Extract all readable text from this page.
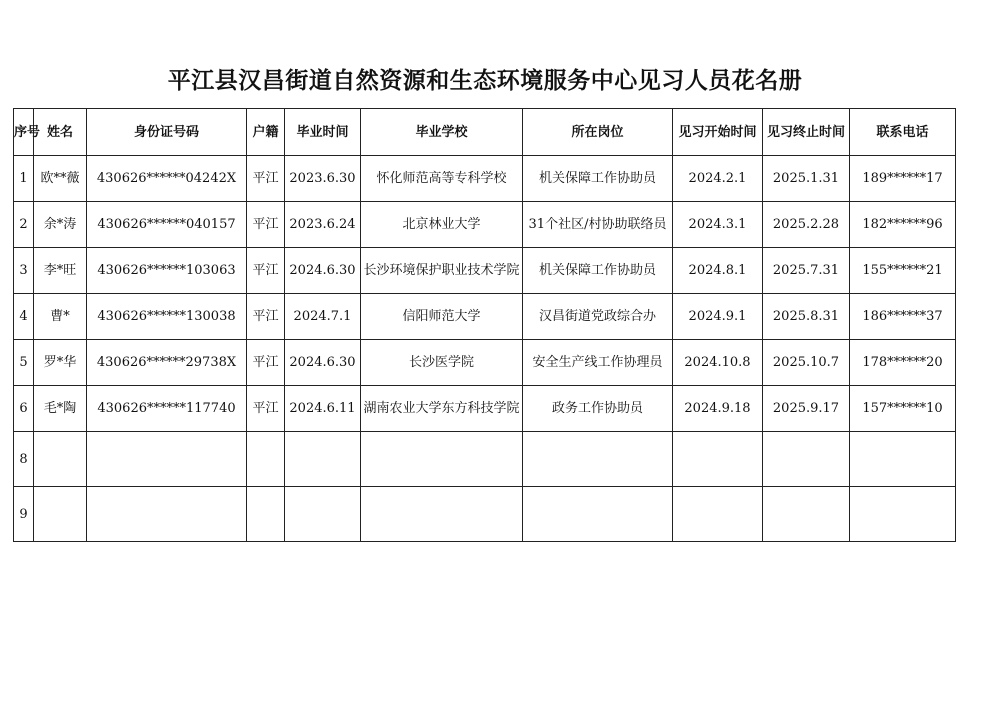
平江县汉昌街道自然资源和生态环境服务中心见习人员花名册
序号	姓名	身份证号码	户籍	毕业时间	毕业学校	所在岗位	见习开始时间	见习终止时间	联系电话
1	欧**薇	430626******04242X	平江	2023.6.30	怀化师范高等专科学校	机关保障工作协助员	2024.2.1	2025.1.31	189******17
2	余*涛	430626******040157	平江	2023.6.24	北京林业大学	31个社区/村协助联络员	2024.3.1	2025.2.28	182******96
3	李*旺	430626******103063	平江	2024.6.30	长沙环境保护职业技术学院	机关保障工作协助员	2024.8.1	2025.7.31	155******21
4	曹*	430626******130038	平江	2024.7.1	信阳师范大学	汉昌街道党政综合办	2024.9.1	2025.8.31	186******37
5	罗*华	430626******29738X	平江	2024.6.30	长沙医学院	安全生产线工作协理员	2024.10.8	2025.10.7	178******20
6	毛*陶	430626******117740	平江	2024.6.11	湖南农业大学东方科技学院	政务工作协助员	2024.9.18	2025.9.17	157******10
8									
9									
